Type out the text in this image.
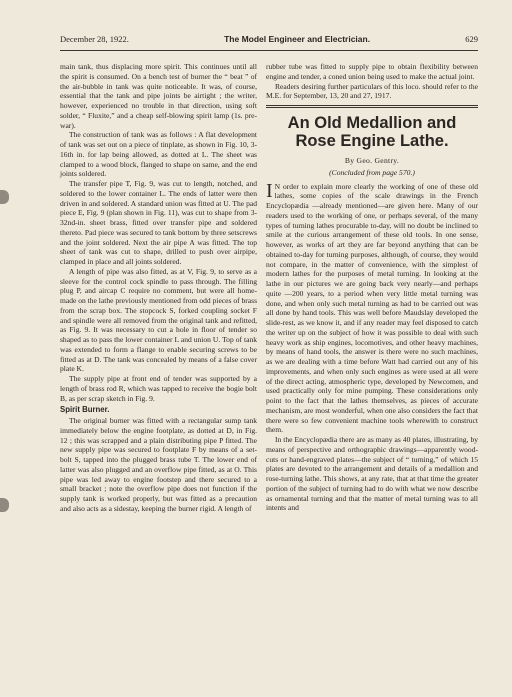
December 28, 1922.	The Model Engineer and Electrician.	629

main tank, thus displacing more spirit. This continues until all the spirit is consumed. On a bench test of burner the “ beat ” of the air-bubble in tank was quite noticeable. It was, of course, essential that the tank and pipe joints be airtight ; the writer, however, experienced no trouble in that direction, using soft solder, “ Fluxite,” and a cheap self-blowing spirit lamp (1s. pre-war).

The construction of tank was as follows : A flat development of tank was set out on a piece of tinplate, as shown in Fig. 10, 3-16th in. for lap being allowed, as dotted at L. The sheet was clamped to a wood block, flanged to shape on same, and the end joints soldered.

The transfer pipe T, Fig. 9, was cut to length, notched, and soldered to the lower container L. The ends of latter were then driven in and soldered. A standard union was fitted at U. The pad piece E, Fig. 9 (plan shown in Fig. 11), was cut to shape from 3-32nd-in. sheet brass, fitted over transfer pipe and soldered thereto. Pad piece was secured to tank bottom by three setscrews and the joint soldered. Next the air pipe A was fitted. The top sheet of tank was cut to shape, drilled to push over airpipe, clamped in place and all joints soldered.

A length of pipe was also fitted, as at V, Fig. 9, to serve as a sleeve for the control cock spindle to pass through. The filling plug P, and aircap C require no comment, but were all home-made on the lathe previously mentioned from odd pieces of brass from the scrap box. The stopcock S, forked coupling socket F and spindle were all removed from the original tank and refitted, as Fig. 9. It was necessary to cut a hole in floor of tender so shaped as to pass the lower container L and union U. Top of tank was extended to form a flange to enable securing screws to be fitted as at D. The tank was concealed by means of a false cover plate K.

The supply pipe at front end of tender was supported by a length of brass rod R, which was tapped to receive the bogie bolt B, as per scrap sketch in Fig. 9.

Spirit Burner.

The original burner was fitted with a rectangular sump tank immediately below the engine footplate, as dotted at D, in Fig. 12 ; this was scrapped and a plain distributing pipe P fitted. The new supply pipe was secured to footplate F by means of a set-bolt S, tapped into the plugged brass tube T. The lower end of latter was also plugged and an overflow pipe fitted, as at O. This pipe was led away to engine footstep and there secured to a small bracket ; note the overflow pipe does not function if the supply tank is worked properly, but was fitted as a precaution and also acts as a sidestay, keeping the burner rigid. A length of

rubber tube was fitted to supply pipe to obtain flexibility between engine and tender, a coned union being used to make the actual joint.

Readers desiring further particulars of this loco. should refer to the M.E. for September, 13, 20 and 27, 1917.

An Old Medallion and Rose Engine Lathe.
By Geo. Gentry.
(Concluded from page 570.)

I N order to explain more clearly the working of one of these old lathes, some copies of the scale drawings in the French Encyclopædia —already mentioned—are given here. Many of our readers used to the working of one, or perhaps several, of the many types of turning lathes procurable to-day, will no doubt be inclined to smile at the curious arrangement of these old tools. In one sense, however, as works of art they are far beyond anything that can be obtained to-day for turning purposes, although, of course, they would not compare, in the matter of convenience, with the simplest of modern lathes for the purposes of metal turning. In looking at the lathe in our pictures we are going back very nearly—and perhaps quite —200 years, to a period when very little metal turning was done, and when only such metal turning as had to be carried out was all done by hand tools. This was well before Maudslay developed the slide-rest, as we know it, and if any reader may feel disposed to catch the writer up on the subject of how it was possible to deal with such heavy work as ship engines, locomotives, and other heavy machines, by means of hand tools, the answer is there were no such machines, as we are dealing with a time before Watt had carried out any of his improvements, and when only such engines as were used at all were of the direct acting, atmospheric type, developed by Newcomen, and used practically only for mine pumping. These considerations only point to the fact that the lathes themselves, as pieces of accurate mechanism, are most wonderful, when one also considers the fact that there were so few convenient machine tools wherewith to construct them.

In the Encyclopædia there are as many as 40 plates, illustrating, by means of perspective and orthographic drawings—apparently wood-cuts or hand-engraved plates—the subject of “ turning,” of which 15 plates are devoted to the arrangement and details of a medallion and rose-turning lathe. This shows, at any rate, that at that time the greater portion of the subject of turning had to do with what we now describe as ornamental turning and that the matter of metal turning was to all intents and
